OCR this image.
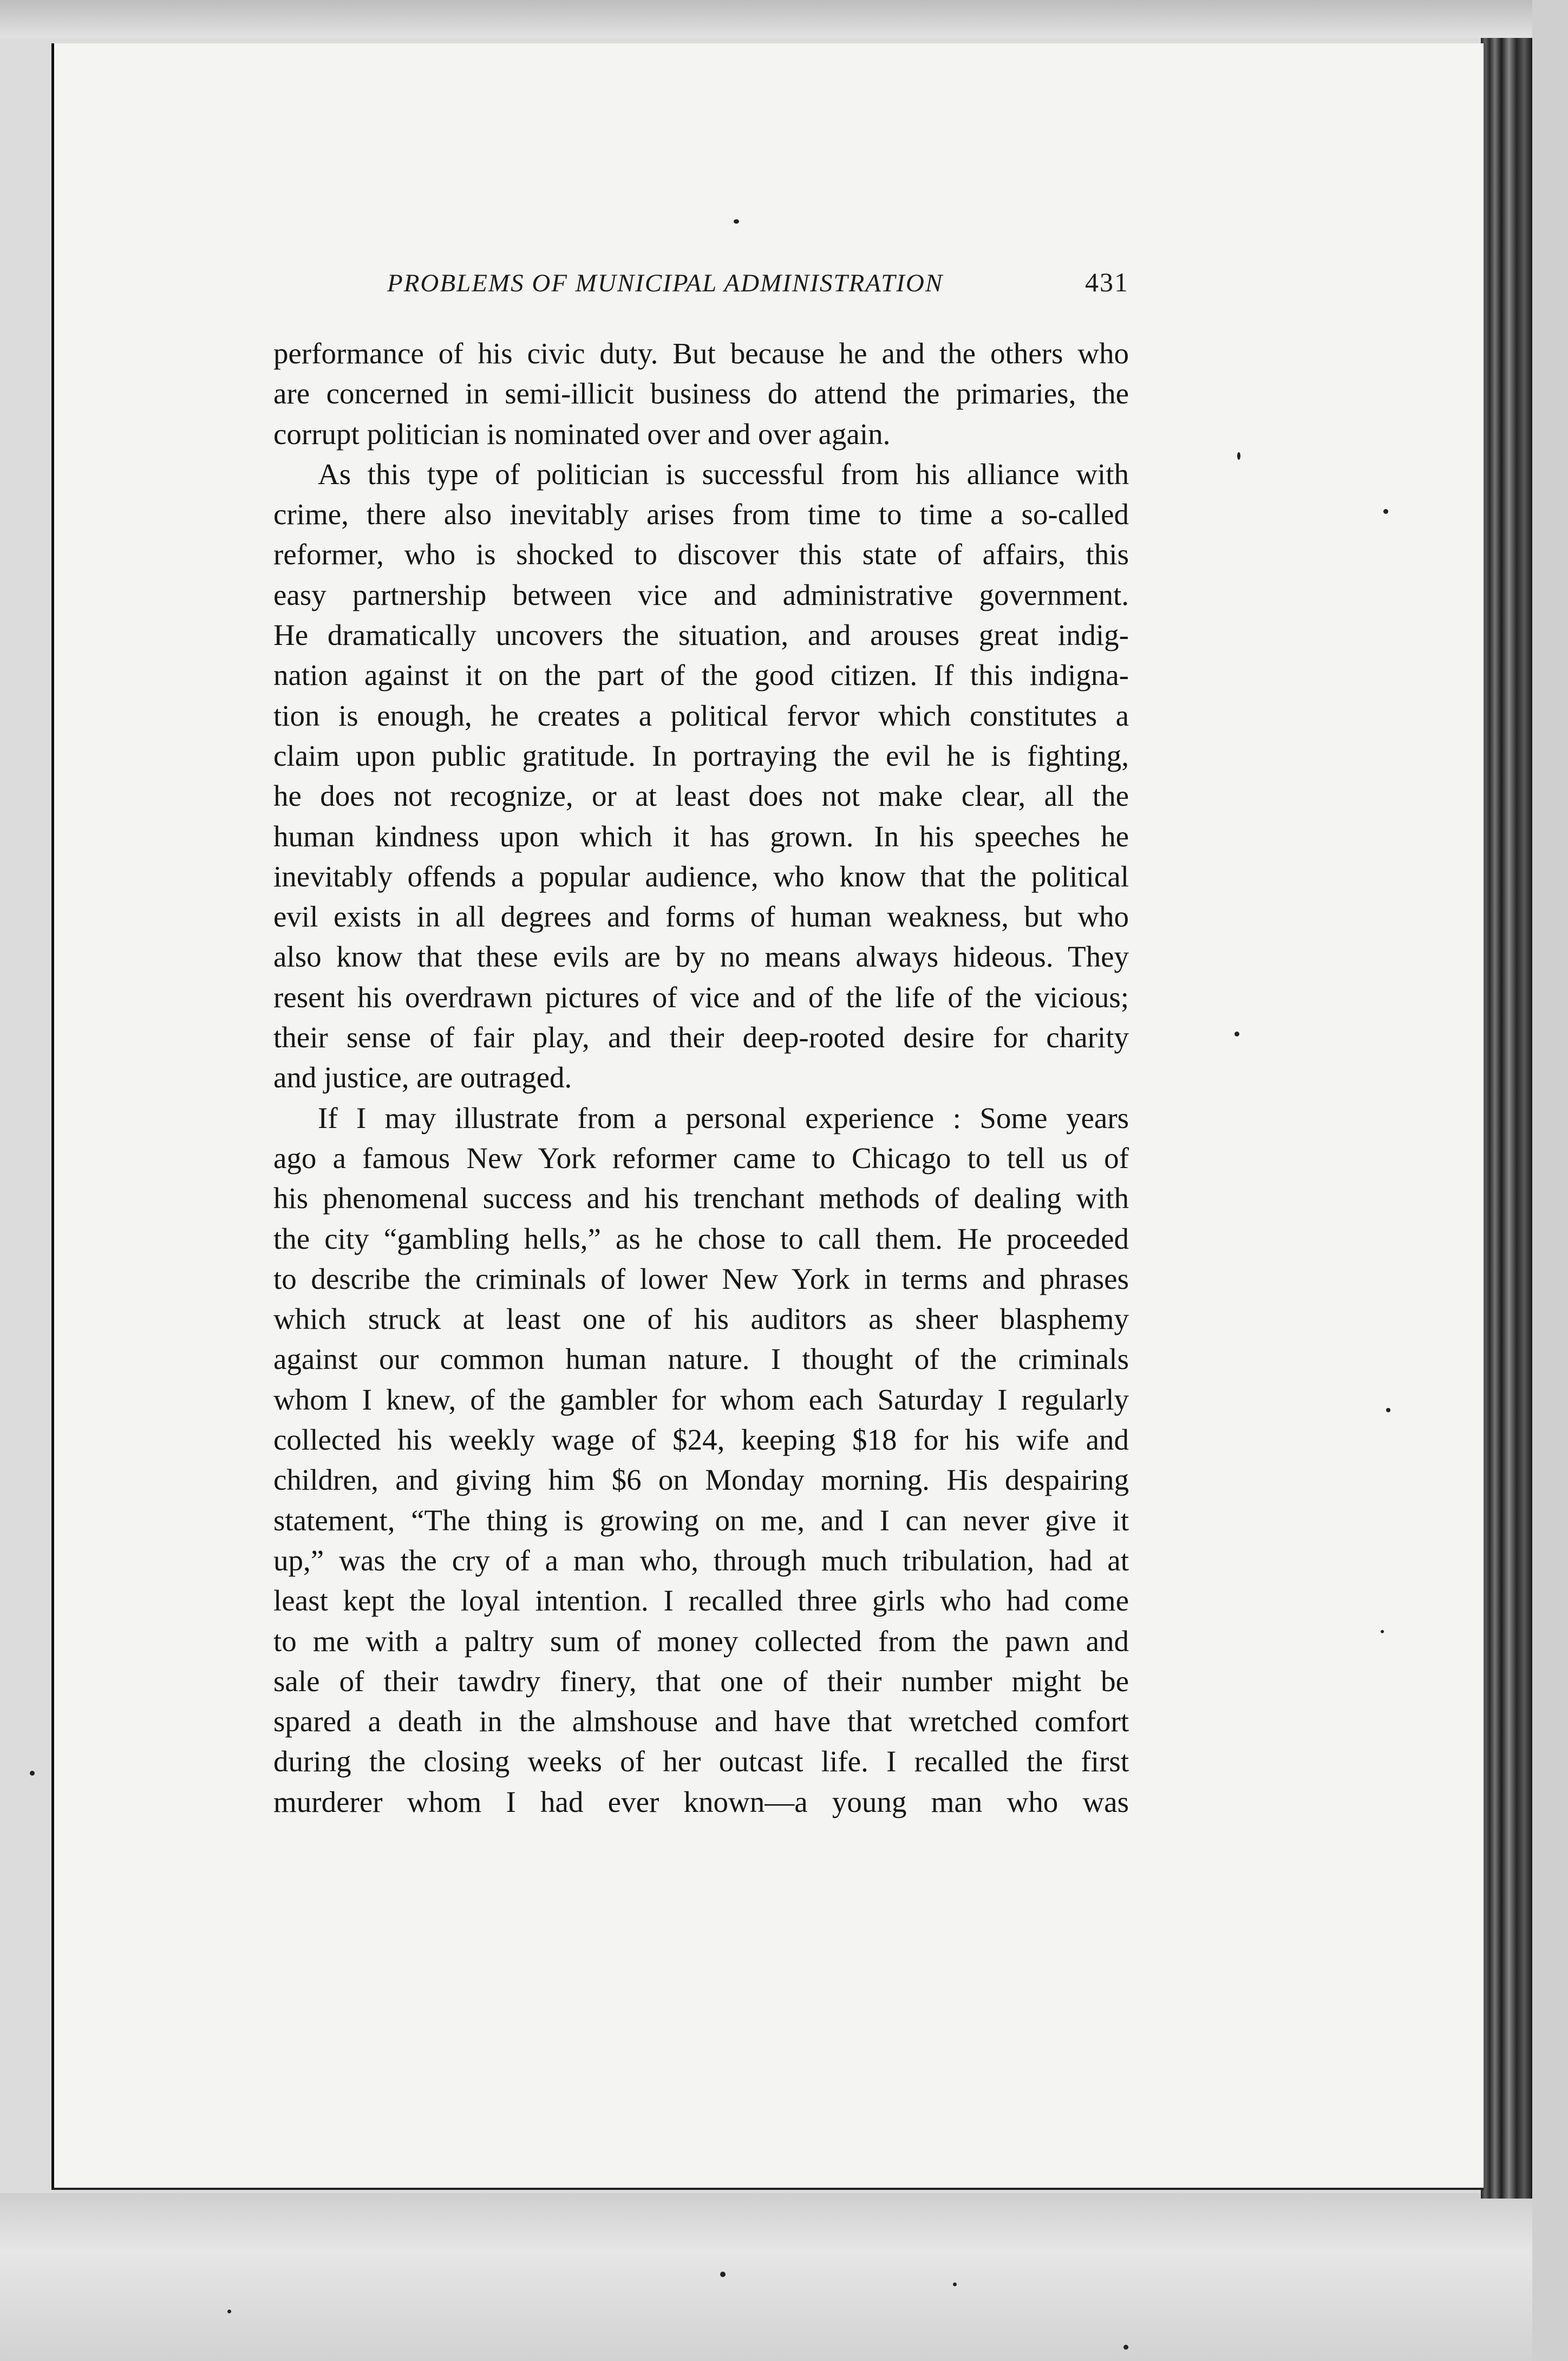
PROBLEMS OF MUNICIPAL ADMINISTRATION	431
performance of his civic duty. But because he and the others who
are concerned in semi-illicit business do attend the primaries, the
corrupt politician is nominated over and over again.
As this type of politician is successful from his alliance with
crime, there also inevitably arises from time to time a so-called
reformer, who is shocked to discover this state of affairs, this
easy partnership between vice and administrative government.
He dramatically uncovers the situation, and arouses great indig-
nation against it on the part of the good citizen. If this indigna-
tion is enough, he creates a political fervor which constitutes a
claim upon public gratitude. In portraying the evil he is fighting,
he does not recognize, or at least does not make clear, all the
human kindness upon which it has grown. In his speeches he
inevitably offends a popular audience, who know that the political
evil exists in all degrees and forms of human weakness, but who
also know that these evils are by no means always hideous. They
resent his overdrawn pictures of vice and of the life of the vicious;
their sense of fair play, and their deep-rooted desire for charity
and justice, are outraged.
If I may illustrate from a personal experience : Some years
ago a famous New York reformer came to Chicago to tell us of
his phenomenal success and his trenchant methods of dealing with
the city “gambling hells,” as he chose to call them. He proceeded
to describe the criminals of lower New York in terms and phrases
which struck at least one of his auditors as sheer blasphemy
against our common human nature. I thought of the criminals
whom I knew, of the gambler for whom each Saturday I regularly
collected his weekly wage of $24, keeping $18 for his wife and
children, and giving him $6 on Monday morning. His despairing
statement, “The thing is growing on me, and I can never give it
up,” was the cry of a man who, through much tribulation, had at
least kept the loyal intention. I recalled three girls who had come
to me with a paltry sum of money collected from the pawn and
sale of their tawdry finery, that one of their number might be
spared a death in the almshouse and have that wretched comfort
during the closing weeks of her outcast life. I recalled the first
murderer whom I had ever known—a young man who was
